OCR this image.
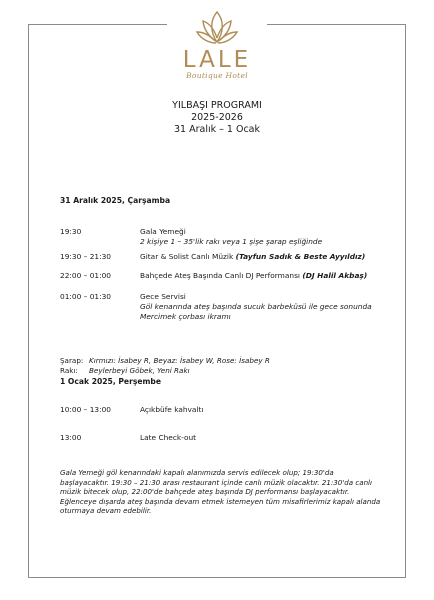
LALE
Boutique Hotel
YILBAŞI PROGRAMI
2025-2026
31 Aralık – 1 Ocak
31 Aralık 2025, Çarşamba
19:30	Gala Yemeği
2 kişiye 1 – 35'lik rakı veya 1 şişe şarap eşliğinde
19:30 – 21:30	Gitar & Solist Canlı Müzik (Tayfun Sadık & Beste Ayyıldız)
22:00 – 01:00	Bahçede Ateş Başında Canlı DJ Performansı (DJ Halil Akbaş)
01:00 – 01:30	Gece Servisi
Göl kenarında ateş başında sucuk barbeküsü ile gece sonunda Mercimek çorbası ikramı
Şarap: Kırmızı: İsabey R, Beyaz: İsabey W, Rose: İsabey R
Rakı: Beylerbeyi Göbek, Yeni Rakı
1 Ocak 2025, Perşembe
10:00 – 13:00	Açıkbüfe kahvaltı
13:00	Late Check-out
Gala Yemeği göl kenarındaki kapalı alanımızda servis edilecek olup; 19:30'da başlayacaktır. 19:30 – 21:30 arası restaurant içinde canlı müzik olacaktır. 21:30'da canlı müzik bitecek olup, 22:00'de bahçede ateş başında DJ performansı başlayacaktır. Eğlenceye dışarda ateş başında devam etmek istemeyen tüm misafirlerimiz kapalı alanda oturmaya devam edebilir.
